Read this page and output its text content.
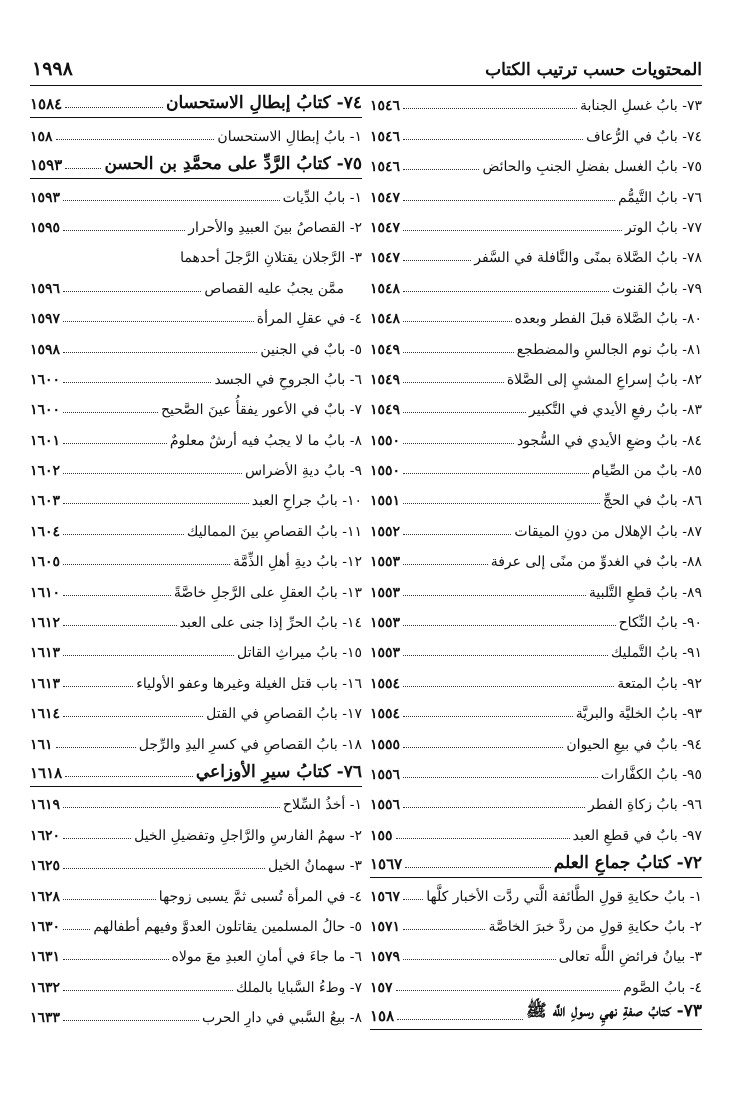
المحتويات حسب ترتيب الكتاب
١٩٩٨
٧٣- بابُ غسلِ الجنابة
١٥٤٦
٧٤- بابٌ في الرُّعاف
١٥٤٦
٧٥- بابُ الغسل بفضلِ الجنبِ والحائض
١٥٤٦
٧٦- بابُ التَّيمُّم
١٥٤٧
٧٧- بابُ الوتر
١٥٤٧
٧٨- بابُ الصَّلاة بمنًى والنَّافلة في السَّفر
١٥٤٧
٧٩- بابُ القنوت
١٥٤٨
٨٠- بابُ الصَّلاة قبلَ الفطر وبعده
١٥٤٨
٨١- بابُ نوم الجالسِ والمضطجع
١٥٤٩
٨٢- بابُ إسراعِ المشيِ إلى الصَّلاة
١٥٤٩
٨٣- بابُ رفعِ الأيدي في التَّكبير
١٥٤٩
٨٤- بابُ وضعِ الأيدي في السُّجود
١٥٥٠
٨٥- بابٌ من الصِّيام
١٥٥٠
٨٦- بابٌ في الحجِّ
١٥٥١
٨٧- بابُ الإهلال من دونِ الميقات
١٥٥٢
٨٨- بابٌ في الغدوِّ من منًى إلى عرفة
١٥٥٣
٨٩- بابُ قطعِ التَّلبية
١٥٥٣
٩٠- بابُ النِّكاح
١٥٥٣
٩١- بابُ التَّمليك
١٥٥٣
٩٢- بابُ المتعة
١٥٥٤
٩٣- بابُ الخليَّة والبريَّة
١٥٥٤
٩٤- بابٌ في بيعِ الحيوان
١٥٥٥
٩٥- بابُ الكفَّارات
١٥٥٦
٩٦- بابُ زكاةِ الفطر
١٥٥٦
٩٧- بابٌ في قطعِ العبد
١٥٥
٧٢- كتابُ جماعِ العلم
١٥٦٧
١- بابُ حكايةِ قولِ الطَّائفة الَّتي ردَّت الأخبار كلَّها
١٥٦٧
٢- بابُ حكايةِ قولِ من ردَّ خبرَ الخاصَّة
١٥٧١
٣- بيانُ فرائضِ اللَّه تعالى
١٥٧٩
٤- بابُ الصَّوم
١٥٧
٧٣- كتابُ صفةِ نهيِ رسولِ اللَّه ﷺ
١٥٨
٧٤- كتابُ إبطالِ الاستحسان
١٥٨٤
١- بابُ إبطالِ الاستحسان
١٥٨
٧٥- كتابُ الرَّدِّ على محمَّدِ بن الحسن
١٥٩٣
١- بابُ الدِّيات
١٥٩٣
٢- القصاصُ بينَ العبيدِ والأحرار
١٥٩٥
٣- الرَّجلان يقتلانِ الرَّجلَ أحدهما
ممَّن يجبُ عليه القصاص
١٥٩٦
٤- في عقلِ المرأة
١٥٩٧
٥- بابٌ في الجنين
١٥٩٨
٦- بابُ الجروحِ في الجسد
١٦٠٠
٧- بابٌ في الأعور يفقأُ عينَ الصَّحيح
١٦٠٠
٨- بابُ ما لا يجبُ فيه أرشٌ معلومٌ
١٦٠١
٩- بابُ ديةِ الأضراس
١٦٠٢
١٠- بابُ جراحِ العبد
١٦٠٣
١١- بابُ القصاصِ بينَ المماليك
١٦٠٤
١٢- بابُ ديةِ أهلِ الذِّمَّة
١٦٠٥
١٣- بابُ العقلِ على الرَّجلِ خاصَّةً
١٦١٠
١٤- بابُ الحرِّ إذا جنى على العبد
١٦١٢
١٥- بابُ ميراثِ القاتل
١٦١٣
١٦- باب قتل الغيلة وغيرها وعفو الأولياء
١٦١٣
١٧- بابُ القصاصِ في القتل
١٦١٤
١٨- بابُ القصاصِ في كسرِ اليدِ والرِّجل
١٦١
٧٦- كتابُ سيرِ الأوزاعي
١٦١٨
١- أخذُ السِّلاح
١٦١٩
٢- سهمُ الفارسِ والرَّاجلِ وتفضيلِ الخيل
١٦٢٠
٣- سهمانُ الخيل
١٦٢٥
٤- في المرأة تُسبى ثمَّ يسبى زوجها
١٦٢٨
٥- حالُ المسلمين يقاتلون العدوَّ وفيهم أطفالهم
١٦٣٠
٦- ما جاءَ في أمانِ العبدِ معَ مولاه
١٦٣١
٧- وطءُ السَّبايا بالملك
١٦٣٢
٨- بيعُ السَّبي في دارِ الحرب
١٦٣٣
